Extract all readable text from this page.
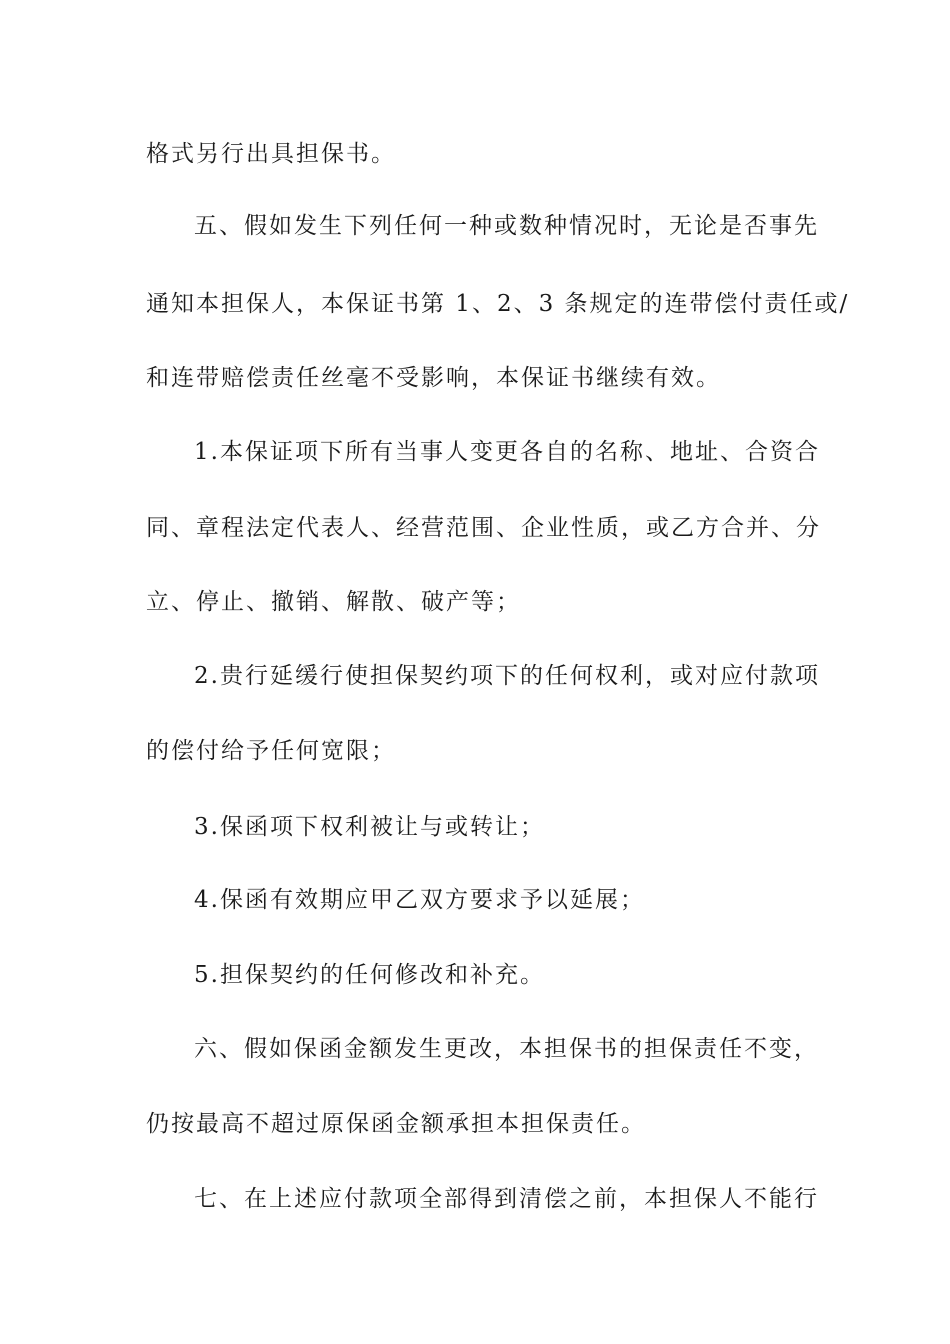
格式另行出具担保书。
五、假如发生下列任何一种或数种情况时，无论是否事先
通知本担保人，本保证书第 1、2、3 条规定的连带偿付责任或/
和连带赔偿责任丝毫不受影响，本保证书继续有效。
1.本保证项下所有当事人变更各自的名称、地址、合资合
同、章程法定代表人、经营范围、企业性质，或乙方合并、分
立、停止、撤销、解散、破产等；
2.贵行延缓行使担保契约项下的任何权利，或对应付款项
的偿付给予任何宽限；
3.保函项下权利被让与或转让；
4.保函有效期应甲乙双方要求予以延展；
5.担保契约的任何修改和补充。
六、假如保函金额发生更改，本担保书的担保责任不变，
仍按最高不超过原保函金额承担本担保责任。
七、在上述应付款项全部得到清偿之前，本担保人不能行
